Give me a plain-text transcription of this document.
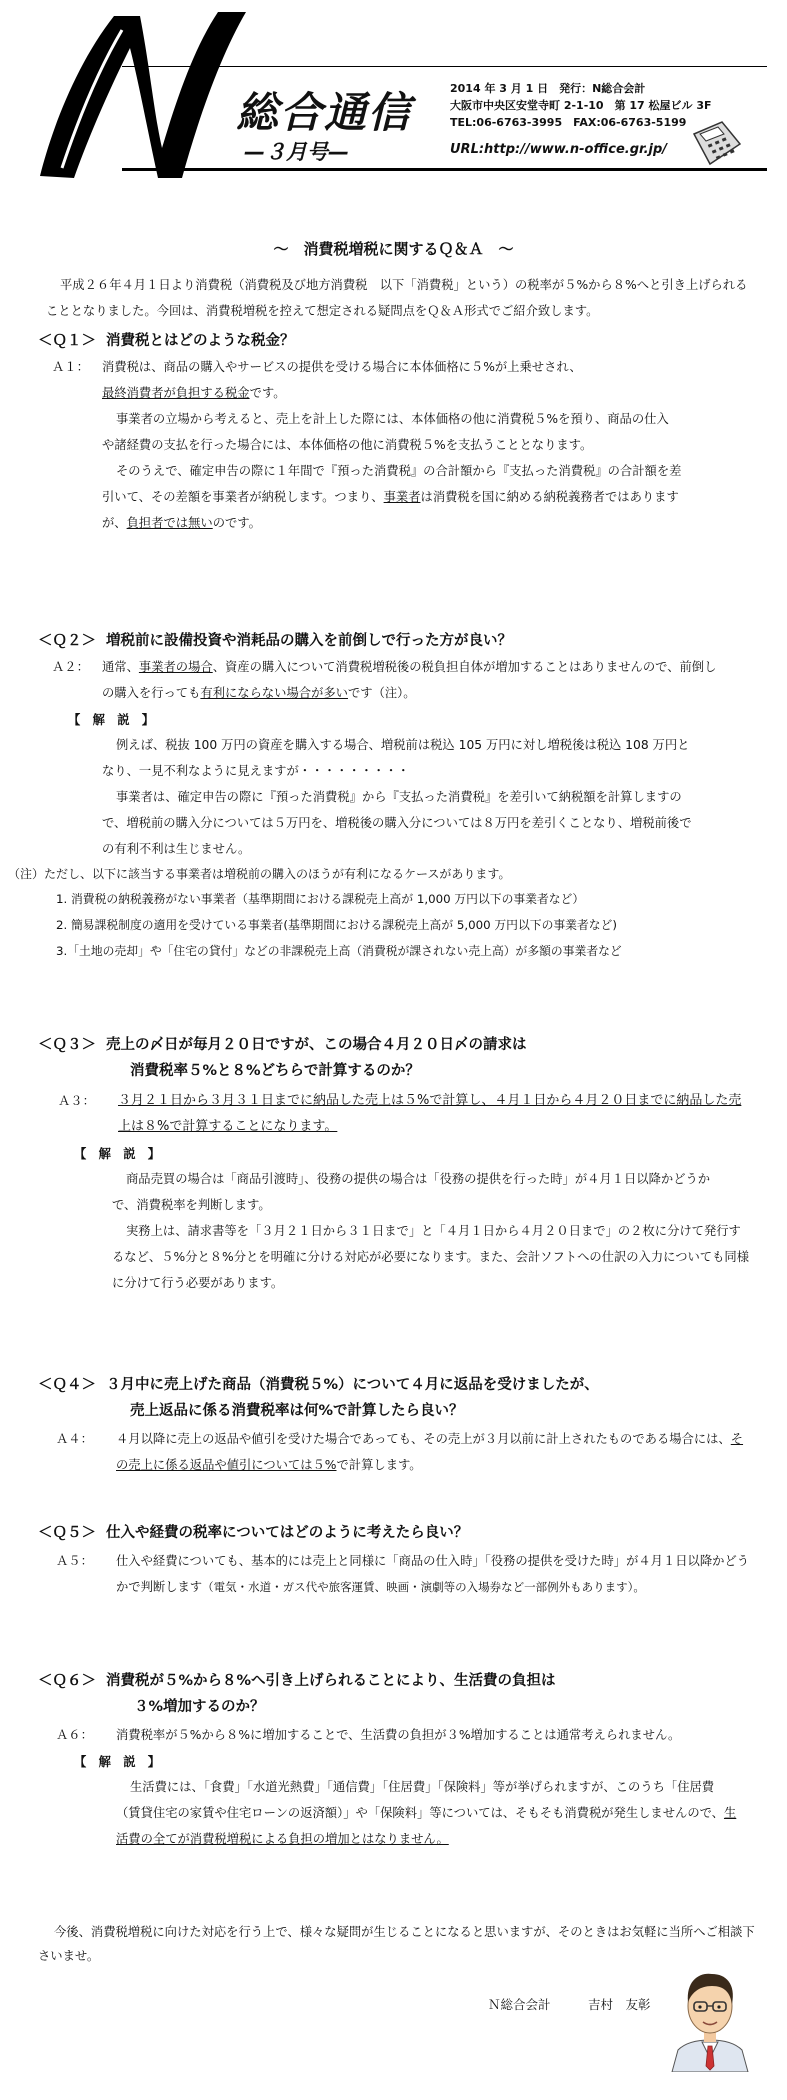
総合通信
—３月号—
2014 年 3 月 1 日　発行：N総合会計
大阪市中央区安堂寺町 2-1-10　第 17 松屋ビル 3F
TEL:06-6763-3995　FAX:06-6763-5199
URL:http://www.n-office.gr.jp/
～　消費税増税に関するＱ＆Ａ　～

平成２６年４月１日より消費税（消費税及び地方消費税　以下「消費税」という）の税率が５%から８%へと引き上げられることとなりました。今回は、消費税増税を控えて想定される疑問点をＱ＆Ａ形式でご紹介致します。

＜Ｑ１＞ 消費税とはどのような税金？

Ａ１：	消費税は、商品の購入やサービスの提供を受ける場合に本体価格に５%が上乗せされ、
最終消費者が負担する税金です。

事業者の立場から考えると、売上を計上した際には、本体価格の他に消費税５%を預り、商品の仕入や諸経費の支払を行った場合には、本体価格の他に消費税５%を支払うこととなります。

そのうえで、確定申告の際に１年間で『預った消費税』の合計額から『支払った消費税』の合計額を差引いて、その差額を事業者が納税します。つまり、事業者は消費税を国に納める納税義務者ではありますが、負担者では無いのです。

＜Ｑ２＞ 増税前に設備投資や消耗品の購入を前倒しで行った方が良い？

Ａ２：	通常、事業者の場合、資産の購入について消費税増税後の税負担自体が増加することはありませんので、前倒しの購入を行っても有利にならない場合が多いです（注）。

【　解　説　】

例えば、税抜 100 万円の資産を購入する場合、増税前は税込 105 万円に対し増税後は税込 108 万円となり、一見不利なように見えますが・・・・・・・・・

事業者は、確定申告の際に『預った消費税』から『支払った消費税』を差引いて納税額を計算しますので、増税前の購入分については５万円を、増税後の購入分については８万円を差引くことなり、増税前後での有利不利は生じません。

（注）ただし、以下に該当する事業者は増税前の購入のほうが有利になるケースがあります。
1. 消費税の納税義務がない事業者（基準期間における課税売上高が 1,000 万円以下の事業者など）
2. 簡易課税制度の適用を受けている事業者(基準期間における課税売上高が 5,000 万円以下の事業者など)
3.「土地の売却」や「住宅の貸付」などの非課税売上高（消費税が課されない売上高）が多額の事業者など

＜Ｑ３＞ 売上の〆日が毎月２０日ですが、この場合４月２０日〆の請求は

消費税率５%と８%どちらで計算するのか？

Ａ３：	３月２１日から３月３１日までに納品した売上は５%で計算し、４月１日から４月２０日までに納品した売上は８%で計算することになります。

【　解　説　】

商品売買の場合は「商品引渡時」、役務の提供の場合は「役務の提供を行った時」が４月１日以降かどうかで、消費税率を判断します。

実務上は、請求書等を「３月２１日から３１日まで」と「４月１日から４月２０日まで」の２枚に分けて発行するなど、５%分と８%分とを明確に分ける対応が必要になります。また、会計ソフトへの仕訳の入力についても同様に分けて行う必要があります。

＜Ｑ４＞ ３月中に売上げた商品（消費税５%）について４月に返品を受けましたが、

売上返品に係る消費税率は何%で計算したら良い？

Ａ４：	４月以降に売上の返品や値引を受けた場合であっても、その売上が３月以前に計上されたものである場合には、その売上に係る返品や値引については５%で計算します。

＜Ｑ５＞ 仕入や経費の税率についてはどのように考えたら良い？

Ａ５：	仕入や経費についても、基本的には売上と同様に「商品の仕入時」「役務の提供を受けた時」が４月１日以降かどうかで判断します（電気・水道・ガス代や旅客運賃、映画・演劇等の入場券など一部例外もあります）。

＜Ｑ６＞ 消費税が５%から８%へ引き上げられることにより、生活費の負担は

３%増加するのか？

Ａ６：	消費税率が５%から８%に増加することで、生活費の負担が３%増加することは通常考えられません。

【　解　説　】

生活費には、「食費」「水道光熱費」「通信費」「住居費」「保険料」等が挙げられますが、このうち「住居費（賃貸住宅の家賃や住宅ローンの返済額）」や「保険料」等については、そもそも消費税が発生しませんので、生活費の全てが消費税増税による負担の増加とはなりません。

今後、消費税増税に向けた対応を行う上で、様々な疑問が生じることになると思いますが、そのときはお気軽に当所へご相談下さいませ。

Ｎ総合会計　　　吉村　友彰
